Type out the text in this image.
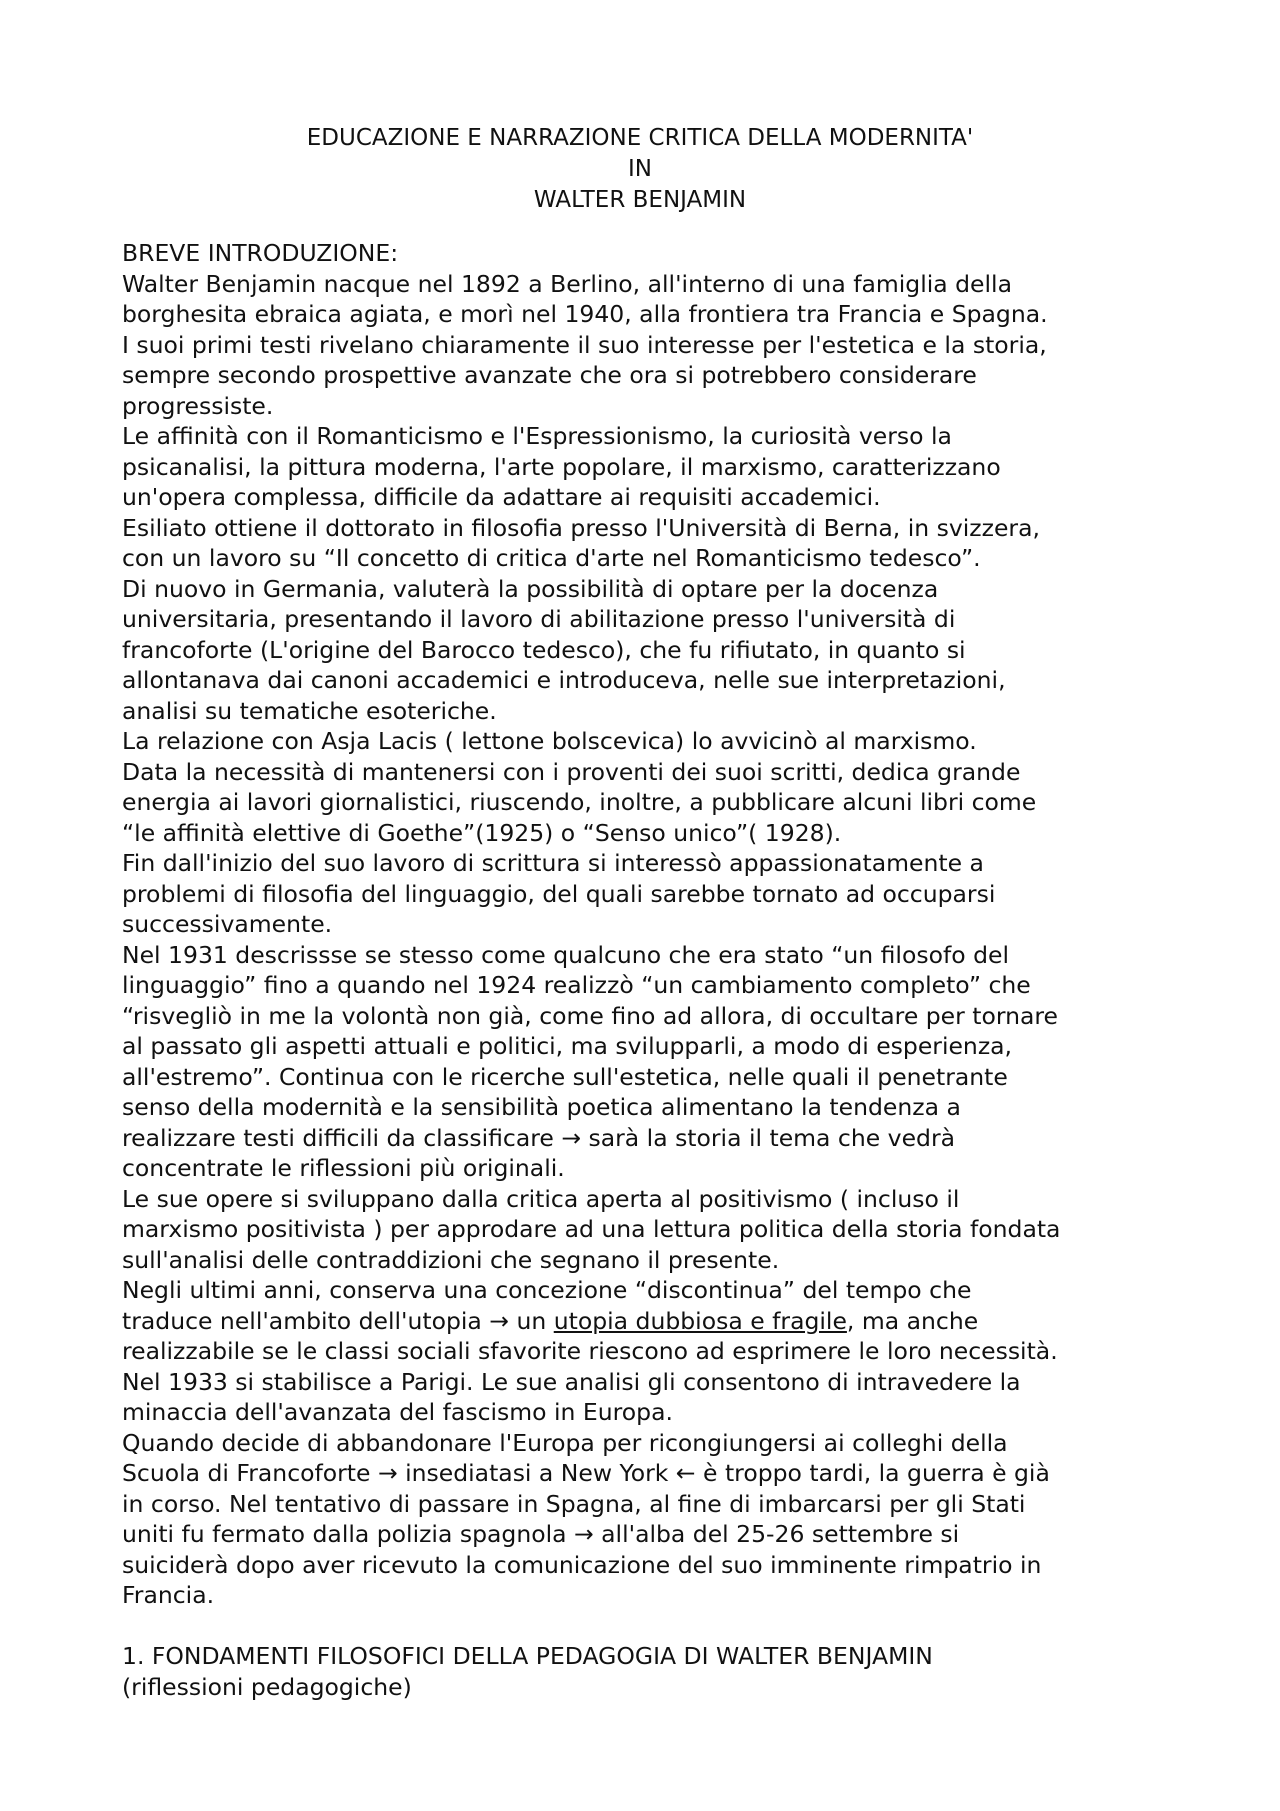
EDUCAZIONE E NARRAZIONE CRITICA DELLA MODERNITA'
IN
WALTER BENJAMIN
BREVE INTRODUZIONE:
Walter Benjamin nacque nel 1892 a Berlino, all'interno di una famiglia della
borghesita ebraica agiata, e morì nel 1940, alla frontiera tra Francia e Spagna.
I suoi primi testi rivelano chiaramente il suo interesse per l'estetica e la storia,
sempre secondo prospettive avanzate che ora si potrebbero considerare
progressiste.
Le affinità con il Romanticismo e l'Espressionismo, la curiosità verso la
psicanalisi, la pittura moderna, l'arte popolare, il marxismo, caratterizzano
un'opera complessa, difficile da adattare ai requisiti accademici.
Esiliato ottiene il dottorato in filosofia presso l'Università di Berna, in svizzera,
con un lavoro su “Il concetto di critica d'arte nel Romanticismo tedesco”.
Di nuovo in Germania, valuterà la possibilità di optare per la docenza
universitaria, presentando il lavoro di abilitazione presso l'università di
francoforte (L'origine del Barocco tedesco), che fu rifiutato, in quanto si
allontanava dai canoni accademici e introduceva, nelle sue interpretazioni,
analisi su tematiche esoteriche.
La relazione con Asja Lacis ( lettone bolscevica) lo avvicinò al marxismo.
Data la necessità di mantenersi con i proventi dei suoi scritti, dedica grande
energia ai lavori giornalistici, riuscendo, inoltre, a pubblicare alcuni libri come
“le affinità elettive di Goethe”(1925) o “Senso unico”( 1928).
Fin dall'inizio del suo lavoro di scrittura si interessò appassionatamente a
problemi di filosofia del linguaggio, del quali sarebbe tornato ad occuparsi
successivamente.
Nel 1931 descrissse se stesso come qualcuno che era stato “un filosofo del
linguaggio” fino a quando nel 1924 realizzò “un cambiamento completo” che
“risvegliò in me la volontà non già, come fino ad allora, di occultare per tornare
al passato gli aspetti attuali e politici, ma svilupparli, a modo di esperienza,
all'estremo”. Continua con le ricerche sull'estetica, nelle quali il penetrante
senso della modernità e la sensibilità poetica alimentano la tendenza a
realizzare testi difficili da classificare → sarà la storia il tema che vedrà
concentrate le riflessioni più originali.
Le sue opere si sviluppano dalla critica aperta al positivismo ( incluso il
marxismo positivista ) per approdare ad una lettura politica della storia fondata
sull'analisi delle contraddizioni che segnano il presente.
Negli ultimi anni, conserva una concezione “discontinua” del tempo che
traduce nell'ambito dell'utopia → un utopia dubbiosa e fragile, ma anche
realizzabile se le classi sociali sfavorite riescono ad esprimere le loro necessità.
Nel 1933 si stabilisce a Parigi. Le sue analisi gli consentono di intravedere la
minaccia dell'avanzata del fascismo in Europa.
Quando decide di abbandonare l'Europa per ricongiungersi ai colleghi della
Scuola di Francoforte → insediatasi a New York ← è troppo tardi, la guerra è già
in corso. Nel tentativo di passare in Spagna, al fine di imbarcarsi per gli Stati
uniti fu fermato dalla polizia spagnola → all'alba del 25-26 settembre si
suiciderà dopo aver ricevuto la comunicazione del suo imminente rimpatrio in
Francia.
1. FONDAMENTI FILOSOFICI DELLA PEDAGOGIA DI WALTER BENJAMIN
(riflessioni pedagogiche)
